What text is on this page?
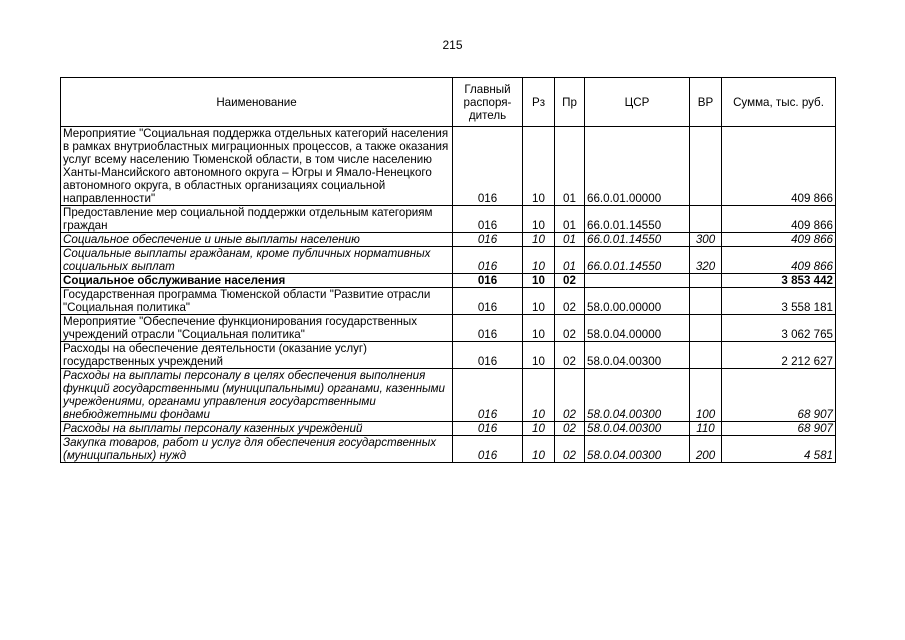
215
Наименование	Главный распоря-дитель	Рз	Пр	ЦСР	ВР	Сумма, тыс. руб.
Мероприятие "Социальная поддержка отдельных категорий населения в рамках внутриобластных миграционных процессов, а также оказания услуг всему населению Тюменской области, в том числе населению Ханты-Мансийского автономного округа – Югры и Ямало-Ненецкого автономного округа, в областных организациях социальной направленности"	016	10	01	66.0.01.00000		409 866
Предоставление мер социальной поддержки отдельным категориям граждан	016	10	01	66.0.01.14550		409 866
Социальное обеспечение и иные выплаты населению	016	10	01	66.0.01.14550	300	409 866
Социальные выплаты гражданам, кроме публичных нормативных социальных выплат	016	10	01	66.0.01.14550	320	409 866
Социальное обслуживание населения	016	10	02			3 853 442
Государственная программа Тюменской области "Развитие отрасли "Социальная политика"	016	10	02	58.0.00.00000		3 558 181
Мероприятие "Обеспечение функционирования государственных учреждений отрасли "Социальная политика"	016	10	02	58.0.04.00000		3 062 765
Расходы на обеспечение деятельности (оказание услуг) государственных учреждений	016	10	02	58.0.04.00300		2 212 627
Расходы на выплаты персоналу в целях обеспечения выполнения функций государственными (муниципальными) органами, казенными учреждениями, органами управления государственными внебюджетными фондами	016	10	02	58.0.04.00300	100	68 907
Расходы на выплаты персоналу казенных учреждений	016	10	02	58.0.04.00300	110	68 907
Закупка товаров, работ и услуг для обеспечения государственных (муниципальных) нужд	016	10	02	58.0.04.00300	200	4 581
